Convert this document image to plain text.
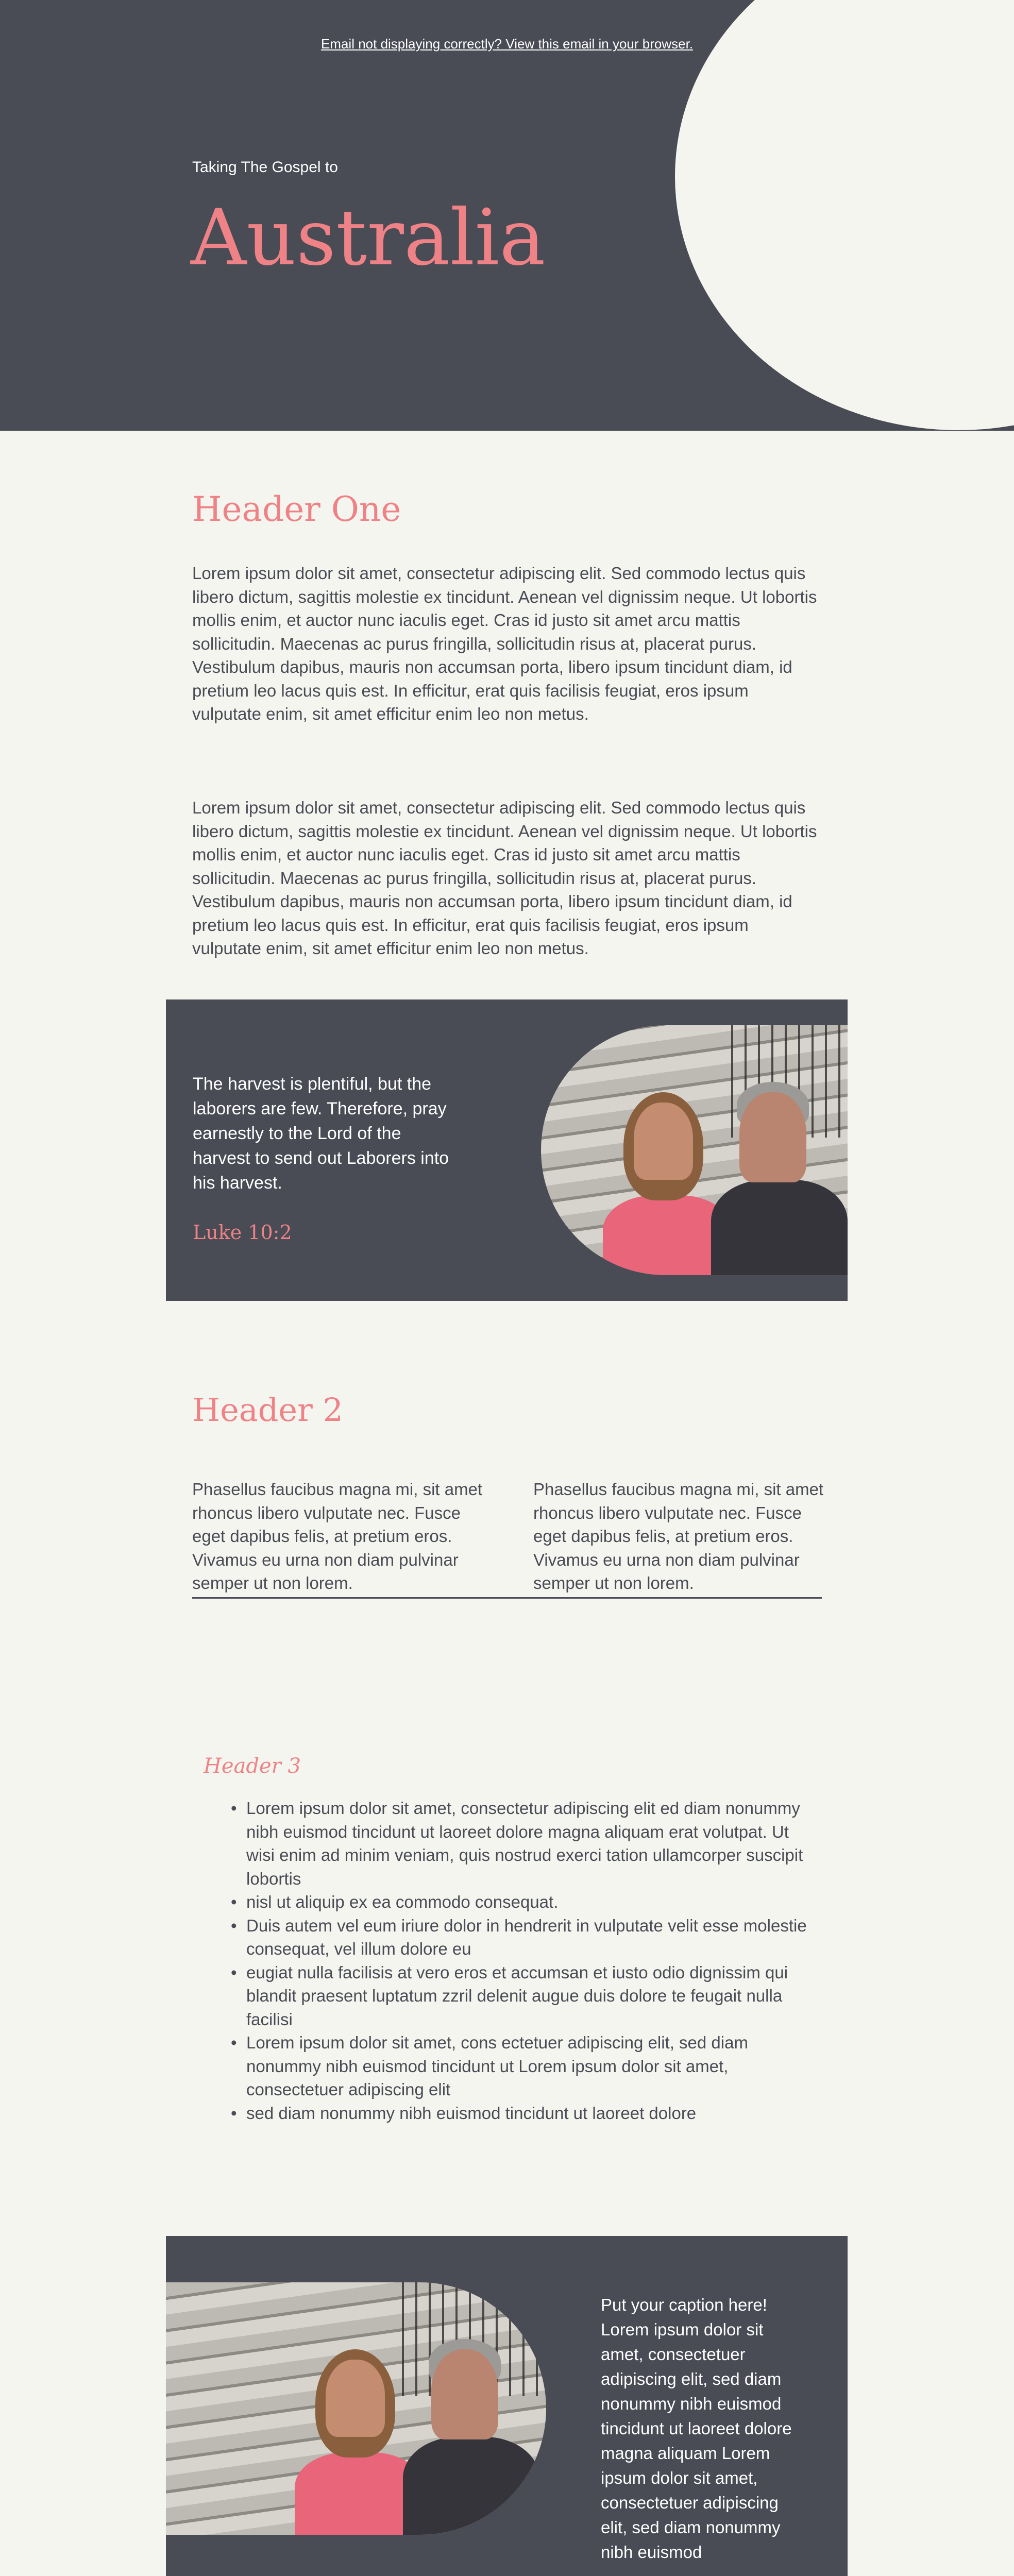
Email not displaying correctly? View this email in your browser.
Taking The Gospel to
Australia
Header One
Lorem ipsum dolor sit amet, consectetur adipiscing elit. Sed commodo lectus quis libero dictum, sagittis molestie ex tincidunt. Aenean vel dignissim neque. Ut lobortis mollis enim, et auctor nunc iaculis eget. Cras id justo sit amet arcu mattis sollicitudin. Maecenas ac purus fringilla, sollicitudin risus at, placerat purus. Vestibulum dapibus, mauris non accumsan porta, libero ipsum tincidunt diam, id pretium leo lacus quis est. In efficitur, erat quis facilisis feugiat, eros ipsum vulputate enim, sit amet efficitur enim leo non metus.
Lorem ipsum dolor sit amet, consectetur adipiscing elit. Sed commodo lectus quis libero dictum, sagittis molestie ex tincidunt. Aenean vel dignissim neque. Ut lobortis mollis enim, et auctor nunc iaculis eget. Cras id justo sit amet arcu mattis sollicitudin. Maecenas ac purus fringilla, sollicitudin risus at, placerat purus. Vestibulum dapibus, mauris non accumsan porta, libero ipsum tincidunt diam, id pretium leo lacus quis est. In efficitur, erat quis facilisis feugiat, eros ipsum vulputate enim, sit amet efficitur enim leo non metus.
The harvest is plentiful, but the laborers are few. Therefore, pray earnestly to the Lord of the harvest to send out Laborers into his harvest.
Luke 10:2
Header 2
Phasellus faucibus magna mi, sit amet rhoncus libero vulputate nec. Fusce eget dapibus felis, at pretium eros. Vivamus eu urna non diam pulvinar semper ut non lorem.
Phasellus faucibus magna mi, sit amet rhoncus libero vulputate nec. Fusce eget dapibus felis, at pretium eros. Vivamus eu urna non diam pulvinar semper ut non lorem.
Header 3
• Lorem ipsum dolor sit amet, consectetur adipiscing elit ed diam nonummy nibh euismod tincidunt ut laoreet dolore magna aliquam erat volutpat. Ut wisi enim ad minim veniam, quis nostrud exerci tation ullamcorper suscipit lobortis
• nisl ut aliquip ex ea commodo consequat.
• Duis autem vel eum iriure dolor in hendrerit in vulputate velit esse molestie consequat, vel illum dolore eu
• eugiat nulla facilisis at vero eros et accumsan et iusto odio dignissim qui blandit praesent luptatum zzril delenit augue duis dolore te feugait nulla facilisi
• Lorem ipsum dolor sit amet, cons ectetuer adipiscing elit, sed diam nonummy nibh euismod tincidunt ut Lorem ipsum dolor sit amet, consectetuer adipiscing elit
• sed diam nonummy nibh euismod tincidunt ut laoreet dolore
Put your caption here! Lorem ipsum dolor sit amet, consectetuer adipiscing elit, sed diam nonummy nibh euismod tincidunt ut laoreet dolore magna aliquam Lorem ipsum dolor sit amet, consectetuer adipiscing elit, sed diam nonummy nibh euismod
